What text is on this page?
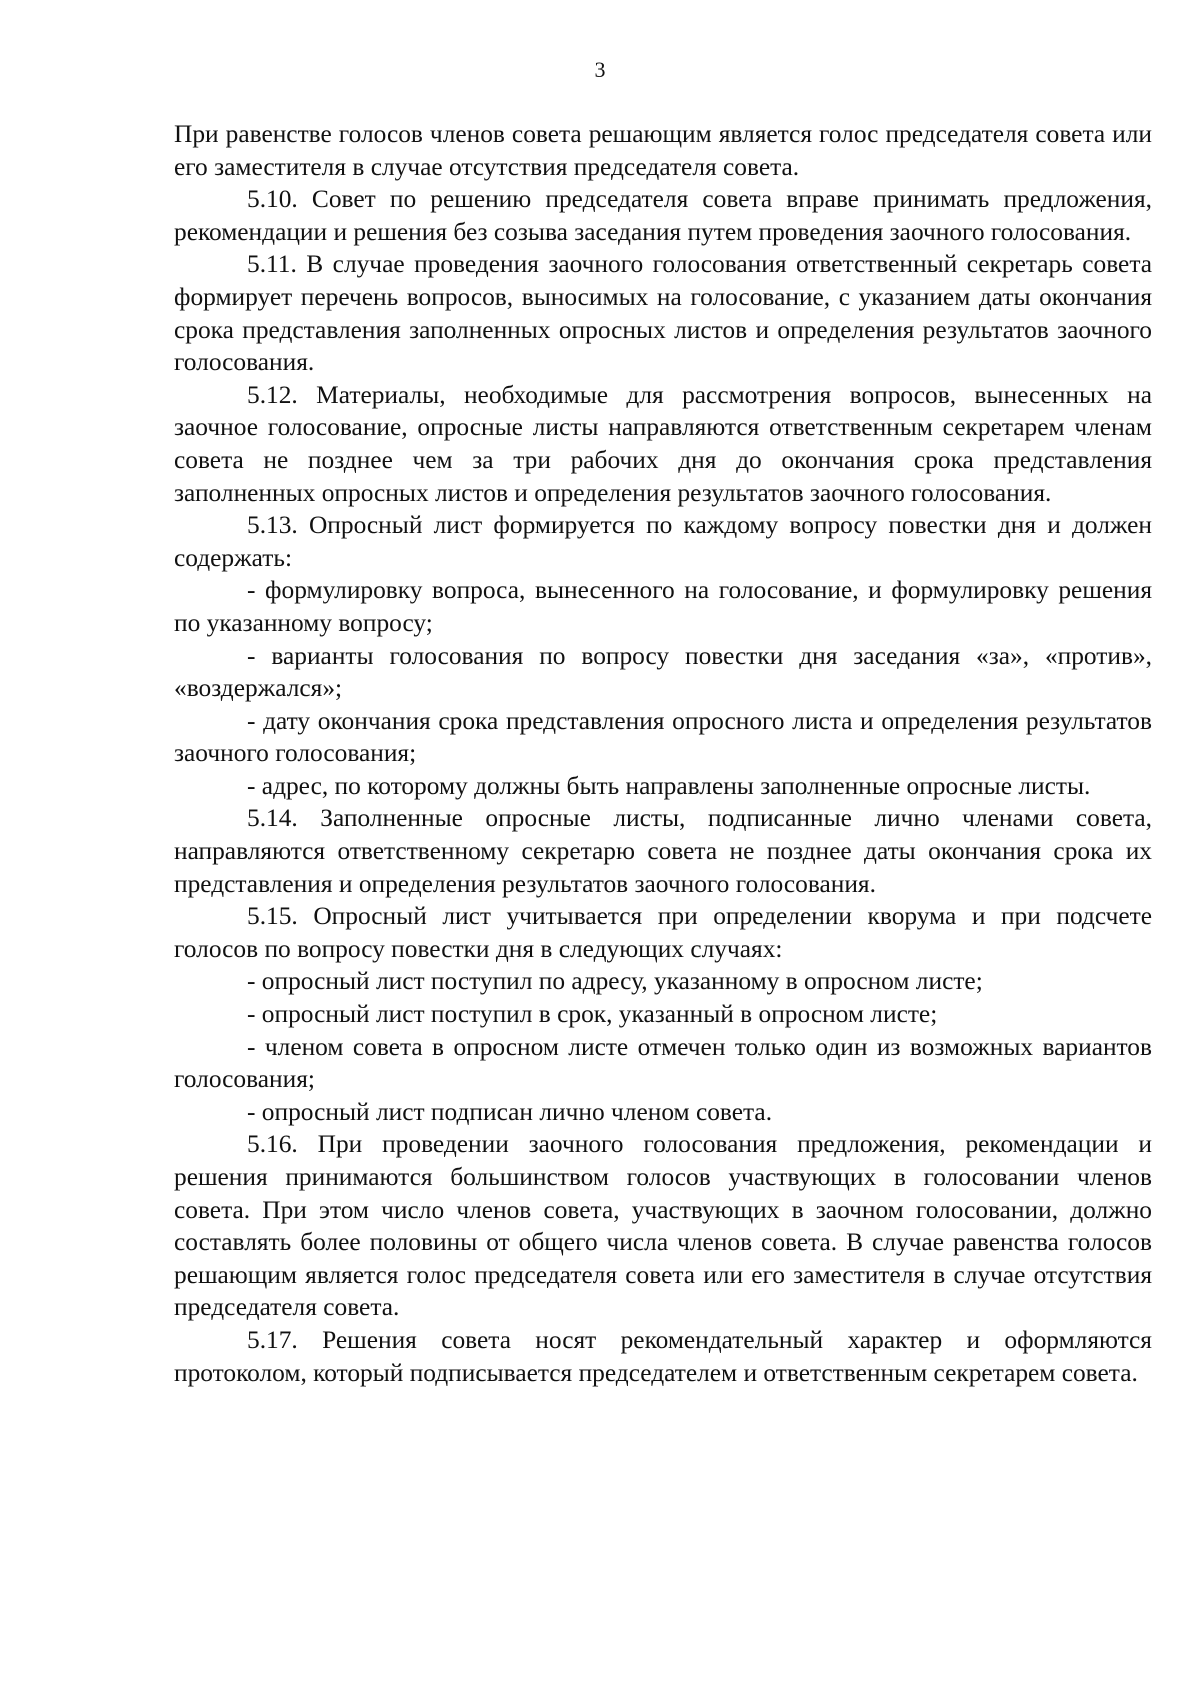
3

При равенстве голосов членов совета решающим является голос председателя совета или его заместителя в случае отсутствия председателя совета.

5.10. Совет по решению председателя совета вправе принимать предложения, рекомендации и решения без созыва заседания путем проведения заочного голосования.

5.11. В случае проведения заочного голосования ответственный секретарь совета формирует перечень вопросов, выносимых на голосование, с указанием даты окончания срока представления заполненных опросных листов и определения результатов заочного голосования.

5.12. Материалы, необходимые для рассмотрения вопросов, вынесенных на заочное голосование, опросные листы направляются ответственным секретарем членам совета не позднее чем за три рабочих дня до окончания срока представления заполненных опросных листов и определения результатов заочного голосования.

5.13. Опросный лист формируется по каждому вопросу повестки дня и должен содержать:

- формулировку вопроса, вынесенного на голосование, и формулировку решения по указанному вопросу;

- варианты голосования по вопросу повестки дня заседания «за», «против», «воздержался»;

- дату окончания срока представления опросного листа и определения результатов заочного голосования;

- адрес, по которому должны быть направлены заполненные опросные листы.

5.14. Заполненные опросные листы, подписанные лично членами совета, направляются ответственному секретарю совета не позднее даты окончания срока их представления и определения результатов заочного голосования.

5.15. Опросный лист учитывается при определении кворума и при подсчете голосов по вопросу повестки дня в следующих случаях:

- опросный лист поступил по адресу, указанному в опросном листе;

- опросный лист поступил в срок, указанный в опросном листе;

- членом совета в опросном листе отмечен только один из возможных вариантов голосования;

- опросный лист подписан лично членом совета.

5.16. При проведении заочного голосования предложения, рекомендации и решения принимаются большинством голосов участвующих в голосовании членов совета. При этом число членов совета, участвующих в заочном голосовании, должно составлять более половины от общего числа членов совета. В случае равенства голосов решающим является голос председателя совета или его заместителя в случае отсутствия председателя совета.

5.17. Решения совета носят рекомендательный характер и оформляются протоколом, который подписывается председателем и ответственным секретарем совета.
